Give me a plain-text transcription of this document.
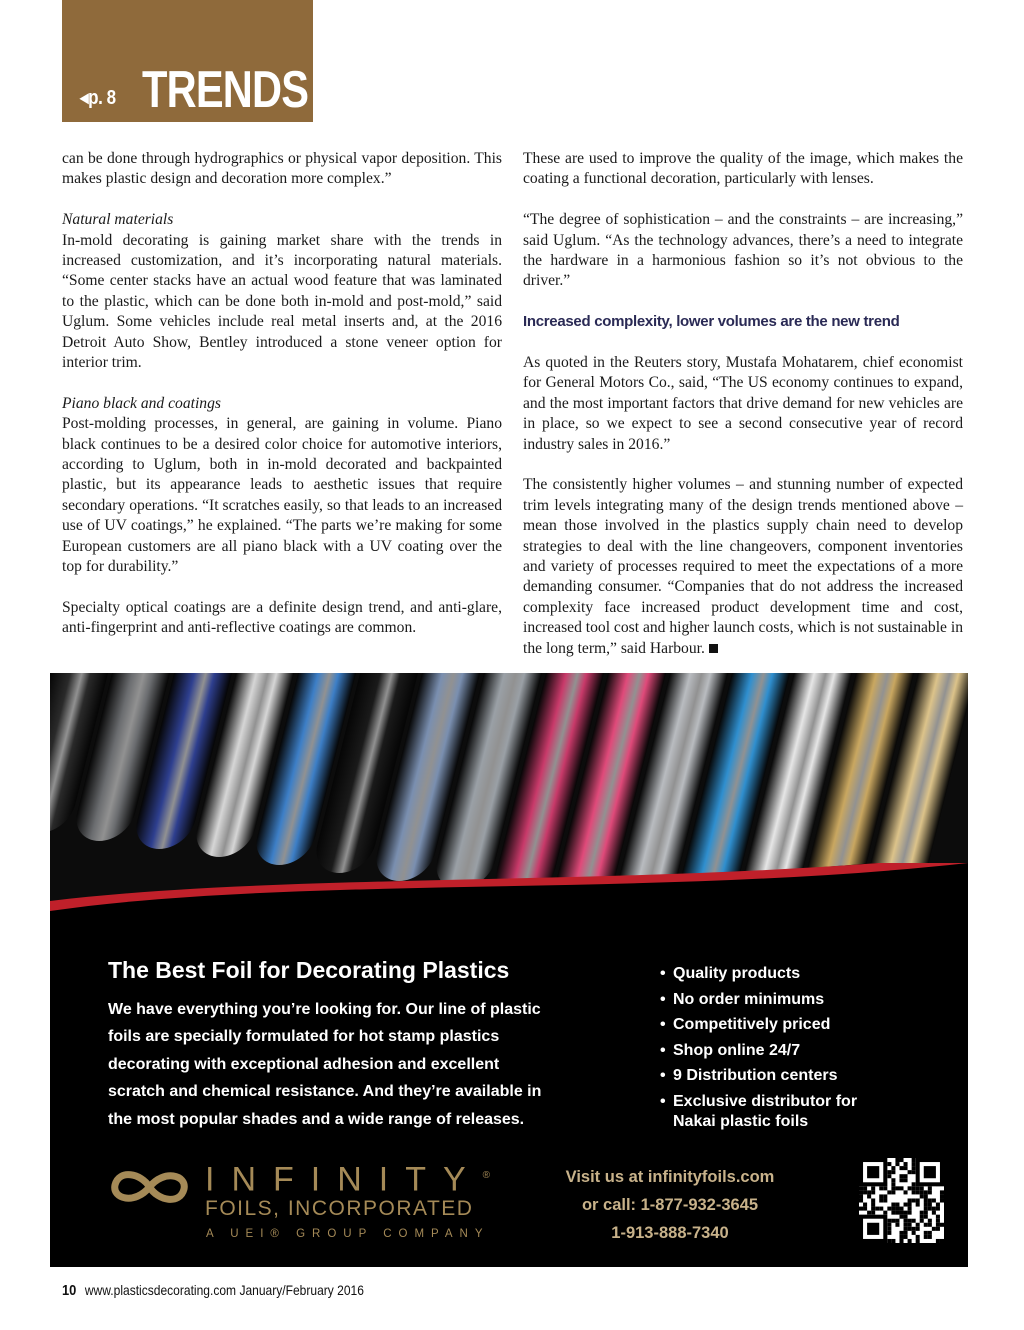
◂p. 8 TRENDS

can be done through hydrographics or physical vapor deposition. This makes plastic design and decoration more complex.”

Natural materials

In-mold decorating is gaining market share with the trends in increased customization, and it’s incorporating natural materials. “Some center stacks have an actual wood feature that was laminated to the plastic, which can be done both in-mold and post-mold,” said Uglum. Some vehicles include real metal inserts and, at the 2016 Detroit Auto Show, Bentley introduced a stone veneer option for interior trim.

Piano black and coatings

Post-molding processes, in general, are gaining in volume. Piano black continues to be a desired color choice for automotive interiors, according to Uglum, both in in-mold decorated and backpainted plastic, but its appearance leads to aesthetic issues that require secondary operations. “It scratches easily, so that leads to an increased use of UV coatings,” he explained. “The parts we’re making for some European customers are all piano black with a UV coating over the top for durability.”

Specialty optical coatings are a definite design trend, and anti-glare, anti-fingerprint and anti-reflective coatings are common.

These are used to improve the quality of the image, which makes the coating a functional decoration, particularly with lenses.

“The degree of sophistication – and the constraints – are increasing,” said Uglum. “As the technology advances, there’s a need to integrate the hardware in a harmonious fashion so it’s not obvious to the driver.”

Increased complexity, lower volumes are the new trend

As quoted in the Reuters story, Mustafa Mohatarem, chief economist for General Motors Co., said, “The US economy continues to expand, and the most important factors that drive demand for new vehicles are in place, so we expect to see a second consecutive year of record industry sales in 2016.”

The consistently higher volumes – and stunning number of expected trim levels integrating many of the design trends mentioned above – mean those involved in the plastics supply chain need to develop strategies to deal with the line changeovers, component inventories and variety of processes required to meet the expectations of a more demanding consumer. “Companies that do not address the increased complexity face increased product development time and cost, increased tool cost and higher launch costs, which is not sustainable in the long term,” said Harbour.

The Best Foil for Decorating Plastics
We have everything you’re looking for. Our line of plastic
foils are specially formulated for hot stamp plastics
decorating with exceptional adhesion and excellent
scratch and chemical resistance. And they’re available in
the most popular shades and a wide range of releases.
• Quality products
• No order minimums
• Competitively priced
• Shop online 24/7
• 9 Distribution centers
• Exclusive distributor for
Nakai plastic foils
INFINITY®
FOILS, INCORPORATED
A UEI® GROUP COMPANY
Visit us at infinityfoils.com
or call: 1-877-932-3645
1-913-888-7340
10 www.plasticsdecorating.com January/February 2016
